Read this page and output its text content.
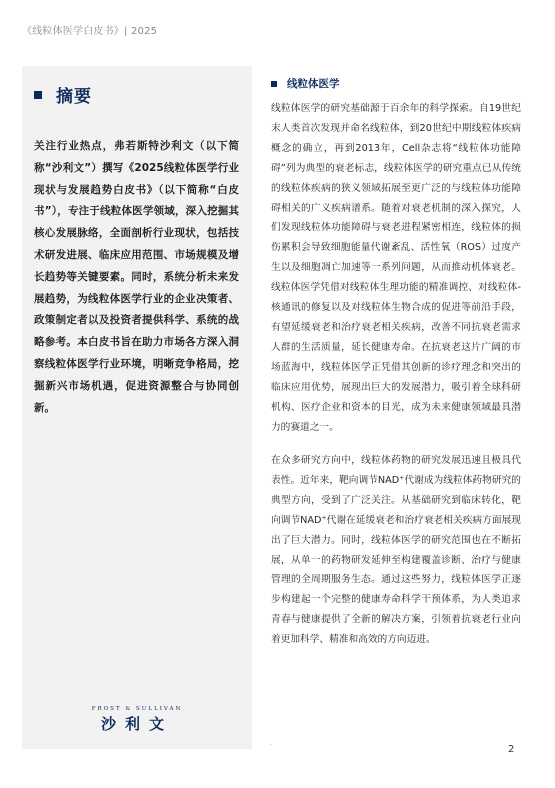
《线粒体医学白皮书》| 2025
摘要
关注行业热点，弗若斯特沙利文（以下简称“沙利文”）撰写《2025线粒体医学行业现状与发展趋势白皮书》（以下简称“白皮书”），专注于线粒体医学领域，深入挖掘其核心发展脉络，全面剖析行业现状，包括技术研发进展、临床应用范围、市场规模及增长趋势等关键要素。同时，系统分析未来发展趋势，为线粒体医学行业的企业决策者、政策制定者以及投资者提供科学、系统的战略参考。本白皮书旨在助力市场各方深入洞察线粒体医学行业环境，明晰竞争格局，挖掘新兴市场机遇，促进资源整合与协同创新。
FROST & SULLIVAN
沙利文
线粒体医学
线粒体医学的研究基础源于百余年的科学探索。自19世纪末人类首次发现并命名线粒体，到20世纪中期线粒体疾病概念的确立，再到2013年，Cell杂志将“线粒体功能障碍”列为典型的衰老标志，线粒体医学的研究重点已从传统的线粒体疾病的狭义领域拓展至更广泛的与线粒体功能障碍相关的广义疾病谱系。随着对衰老机制的深入探究，人们发现线粒体功能障碍与衰老进程紧密相连，线粒体的损伤累积会导致细胞能量代谢紊乱、活性氧（ROS）过度产生以及细胞凋亡加速等一系列问题，从而推动机体衰老。线粒体医学凭借对线粒体生理功能的精准调控、对线粒体-核通讯的修复以及对线粒体生物合成的促进等前沿手段，有望延缓衰老和治疗衰老相关疾病，改善不同抗衰老需求人群的生活质量，延长健康寿命。在抗衰老这片广阔的市场蓝海中，线粒体医学正凭借其创新的诊疗理念和突出的临床应用优势，展现出巨大的发展潜力，吸引着全球科研机构、医疗企业和资本的目光，成为未来健康领域最具潜力的赛道之一。
在众多研究方向中，线粒体药物的研究发展迅速且极具代表性。近年来，靶向调节NAD⁺代谢成为线粒体药物研究的典型方向，受到了广泛关注。从基础研究到临床转化，靶向调节NAD⁺代谢在延缓衰老和治疗衰老相关疾病方面展现出了巨大潜力。同时，线粒体医学的研究范围也在不断拓展，从单一的药物研发延伸至构建覆盖诊断、治疗与健康管理的全周期服务生态。通过这些努力，线粒体医学正逐步构建起一个完整的健康寿命科学干预体系，为人类追求青春与健康提供了全新的解决方案，引领着抗衰老行业向着更加科学、精准和高效的方向迈进。
·	2
